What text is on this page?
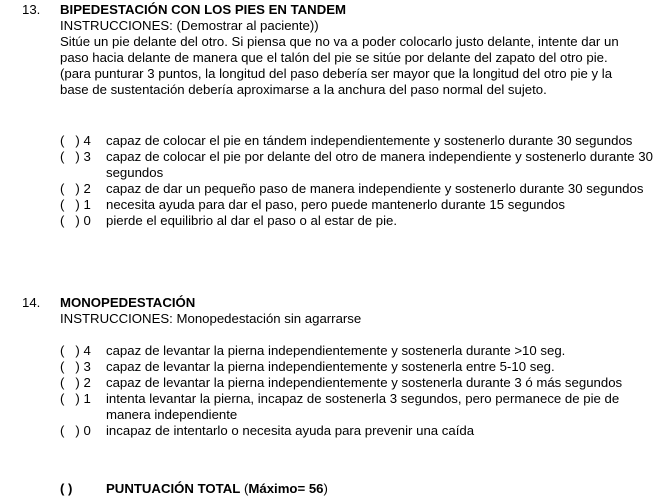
13. BIPEDESTACIÓN CON LOS PIES EN TANDEM
INSTRUCCIONES: (Demostrar al paciente))
Sitúe un pie delante del otro. Si piensa que no va a poder colocarlo justo delante, intente dar un paso hacia delante de manera que el talón del pie se sitúe por delante del zapato del otro pie. (para punturar 3 puntos, la longitud del paso debería ser mayor que la longitud del otro pie y la base de sustentación debería aproximarse a la anchura del paso normal del sujeto.
(   ) 4 capaz de colocar el pie en tándem independientemente y sostenerlo durante 30 segundos
(   ) 3 capaz de colocar el pie por delante del otro de manera independiente y sostenerlo durante 30 segundos
(   ) 2 capaz de dar un pequeño paso de manera independiente y sostenerlo durante 30 segundos
(   ) 1 necesita ayuda para dar el paso, pero puede mantenerlo durante 15 segundos
(   ) 0 pierde el equilibrio al dar el paso o al estar de pie.
14. MONOPEDESTACIÓN
INSTRUCCIONES: Monopedestación sin agarrarse
(   ) 4 capaz de levantar la pierna independientemente y sostenerla durante >10 seg.
(   ) 3 capaz de levantar la pierna independientemente y sostenerla entre 5-10 seg.
(   ) 2 capaz de levantar la pierna independientemente y sostenerla durante 3 ó más segundos
(   ) 1 intenta levantar la pierna, incapaz de sostenerla 3 segundos, pero permanece de pie de manera independiente
(   ) 0 incapaz de intentarlo o necesita ayuda para prevenir una caída
( )	PUNTUACIÓN TOTAL (Máximo= 56)
